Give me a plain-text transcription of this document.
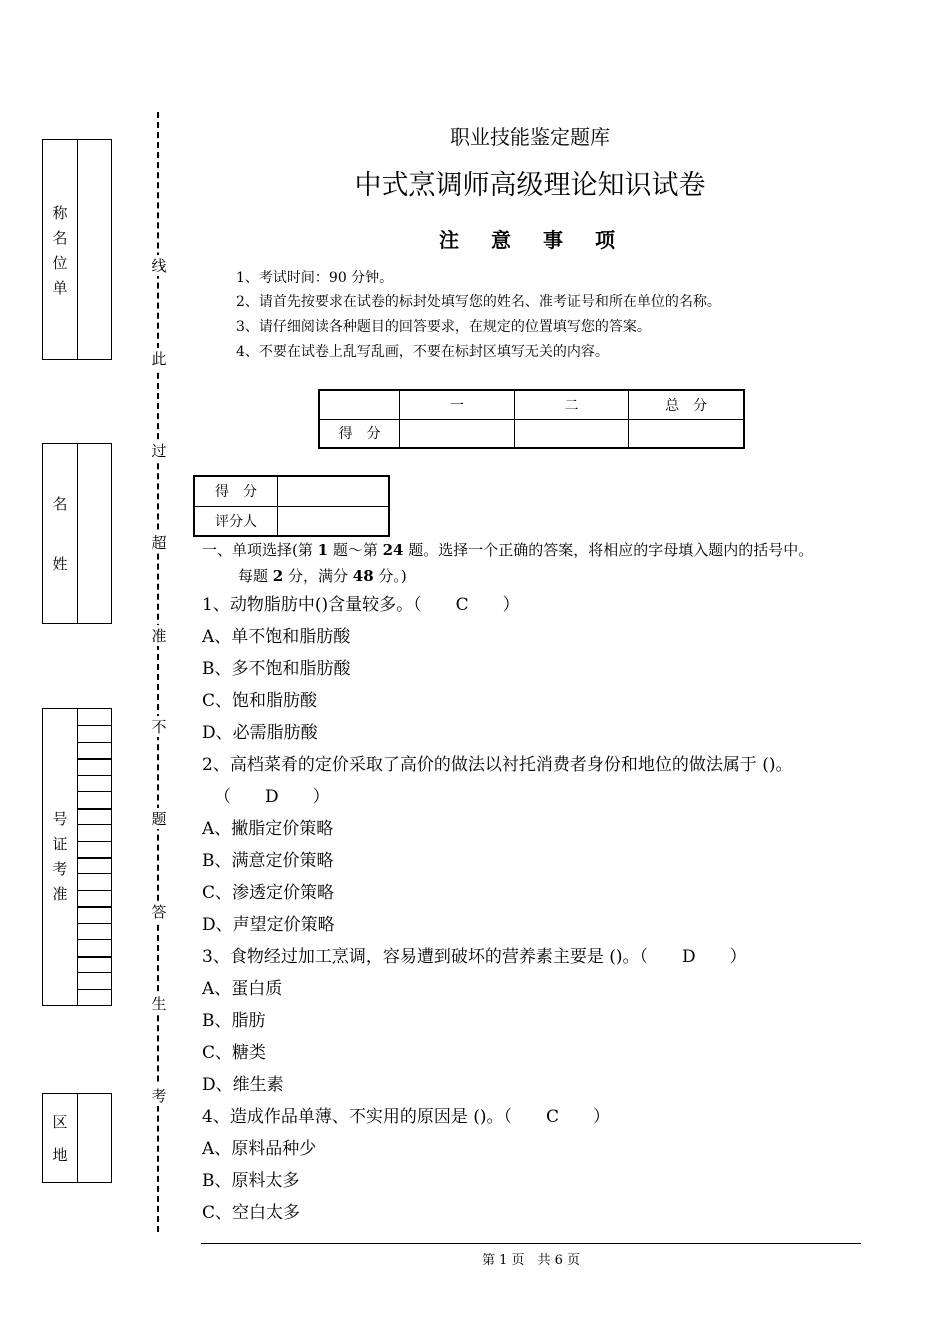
称
名
位
单
名
姓
号
证
考
准
区
地
线
此
过
超
准
不
题
答
生
考
职业技能鉴定题库
中式烹调师高级理论知识试卷
注　意　事　项
1、考试时间：90 分钟。
2、请首先按要求在试卷的标封处填写您的姓名、准考证号和所在单位的名称。
3、请仔细阅读各种题目的回答要求，在规定的位置填写您的答案。
4、不要在试卷上乱写乱画，不要在标封区填写无关的内容。
	一	二	总　分
得　分			
得　分	
评分人	
一、单项选择(第 1 题～第 24 题。选择一个正确的答案，将相应的字母填入题内的括号中。
每题 2 分，满分 48 分。)
1、动物脂肪中()含量较多。（　　C　　）
A、单不饱和脂肪酸
B、多不饱和脂肪酸
C、饱和脂肪酸
D、必需脂肪酸
2、高档菜肴的定价采取了高价的做法以衬托消费者身份和地位的做法属于 ()。
（　　D　　）
A、撇脂定价策略
B、满意定价策略
C、渗透定价策略
D、声望定价策略
3、食物经过加工烹调，容易遭到破坏的营养素主要是 ()。（　　D　　）
A、蛋白质
B、脂肪
C、糖类
D、维生素
4、造成作品单薄、不实用的原因是 ()。（　　C　　）
A、原料品种少
B、原料太多
C、空白太多
第 1 页　共 6 页
